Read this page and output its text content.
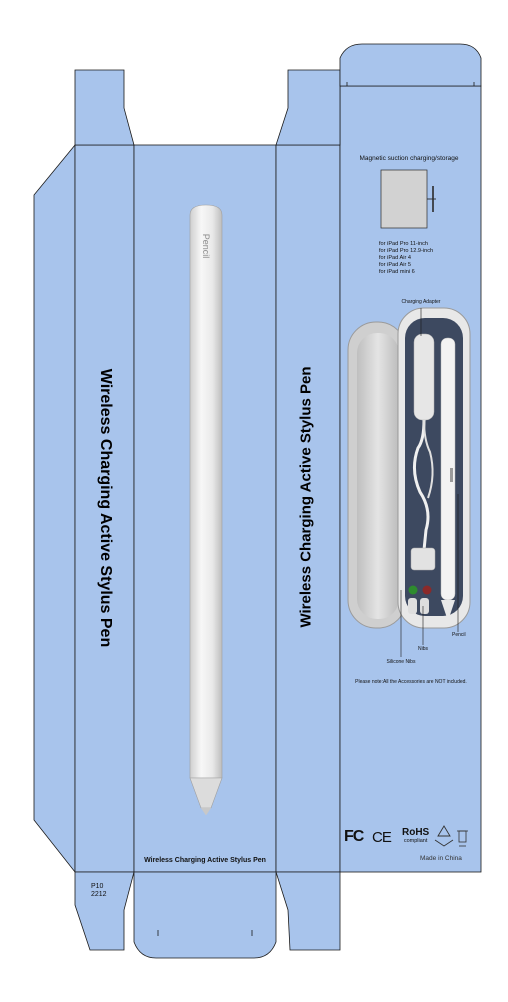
Wireless Charging Active Stylus Pen	Wireless Charging Active Stylus Pen
Pencil
Wireless Charging Active Stylus Pen
Magnetic suction charging/storage
for iPad Pro 11-inch
for iPad Pro 12.9-inch
for iPad Air 4
for iPad Air 5
for iPad mini 6
Charging Adapter
Pencil
Nibs
Silicone Nibs
Please note:All the Accessories are NOT included.
FC CE RoHS
compliant
Made in China
P10
2212
